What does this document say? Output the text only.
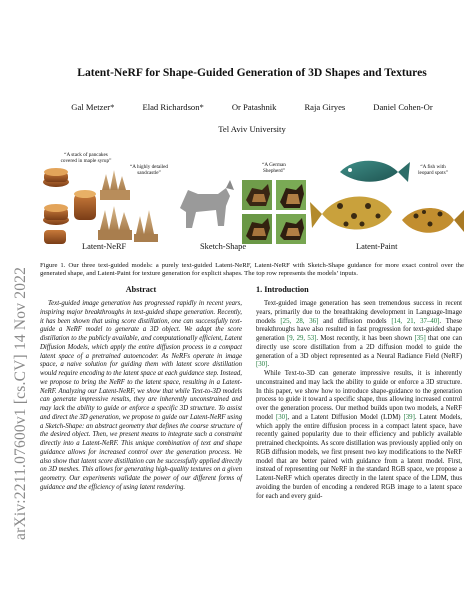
arXiv:2211.07600v1 [cs.CV] 14 Nov 2022
Latent-NeRF for Shape-Guided Generation of 3D Shapes and Textures
Gal Metzer*	Elad Richardson*	Or Patashnik	Raja Giryes	Daniel Cohen-Or
Tel Aviv University
“A stack of pancakes covered in maple syrup”
“A highly detailed sandcastle”
“A German Shepherd”
“A fish with leopard spots”
Latent-NeRF	Sketch-Shape	Latent-Paint
Figure 1. Our three text-guided models: a purely text-guided Latent-NeRF, Latent-NeRF with Sketch-Shape guidance for more exact control over the generated shape, and Latent-Paint for texture generation for explicit shapes. The top row represents the models’ inputs.
Abstract

Text-guided image generation has progressed rapidly in recent years, inspiring major breakthroughs in text-guided shape generation. Recently, it has been shown that using score distillation, one can successfully text-guide a NeRF model to generate a 3D object. We adapt the score distillation to the publicly available, and computationally efficient, Latent Diffusion Models, which apply the entire diffusion process in a compact latent space of a pretrained autoencoder. As NeRFs operate in image space, a naive solution for guiding them with latent score distillation would require encoding to the latent space at each guidance step. Instead, we propose to bring the NeRF to the latent space, resulting in a Latent-NeRF. Analyzing our Latent-NeRF, we show that while Text-to-3D models can generate impressive results, they are inherently unconstrained and may lack the ability to guide or enforce a specific 3D structure. To assist and direct the 3D generation, we propose to guide our Latent-NeRF using a Sketch-Shape: an abstract geometry that defines the coarse structure of the desired object. Then, we present means to integrate such a constraint directly into a Latent-NeRF. This unique combination of text and shape guidance allows for increased control over the generation process. We also show that latent score distillation can be successfully applied directly on 3D meshes. This allows for generating high-quality textures on a given geometry. Our experiments validate the power of our different forms of guidance and the efficiency of using latent rendering.

1. Introduction

Text-guided image generation has seen tremendous success in recent years, primarily due to the breathtaking development in Language-Image models [25, 28, 36] and diffusion models [14, 21, 37–40]. These breakthroughs have also resulted in fast progression for text-guided shape generation [9, 29, 53]. Most recently, it has been shown [35] that one can directly use score distillation from a 2D diffusion model to guide the generation of a 3D object represented as a Neural Radiance Field (NeRF) [30].

While Text-to-3D can generate impressive results, it is inherently unconstrained and may lack the ability to guide or enforce a 3D structure. In this paper, we show how to introduce shape-guidance to the generation process to guide it toward a specific shape, thus allowing increased control over the generation process. Our method builds upon two models, a NeRF model [30], and a Latent Diffusion Model (LDM) [39]. Latent Models, which apply the entire diffusion process in a compact latent space, have recently gained popularity due to their efficiency and publicly available pretrained checkpoints. As score distillation was previously applied only on RGB diffusion models, we first present two key modifications to the NeRF model that are better paired with guidance from a latent model. First, instead of representing our NeRF in the standard RGB space, we propose a Latent-NeRF which operates directly in the latent space of the LDM, thus avoiding the burden of encoding a rendered RGB image to a latent space for each and every guid-
